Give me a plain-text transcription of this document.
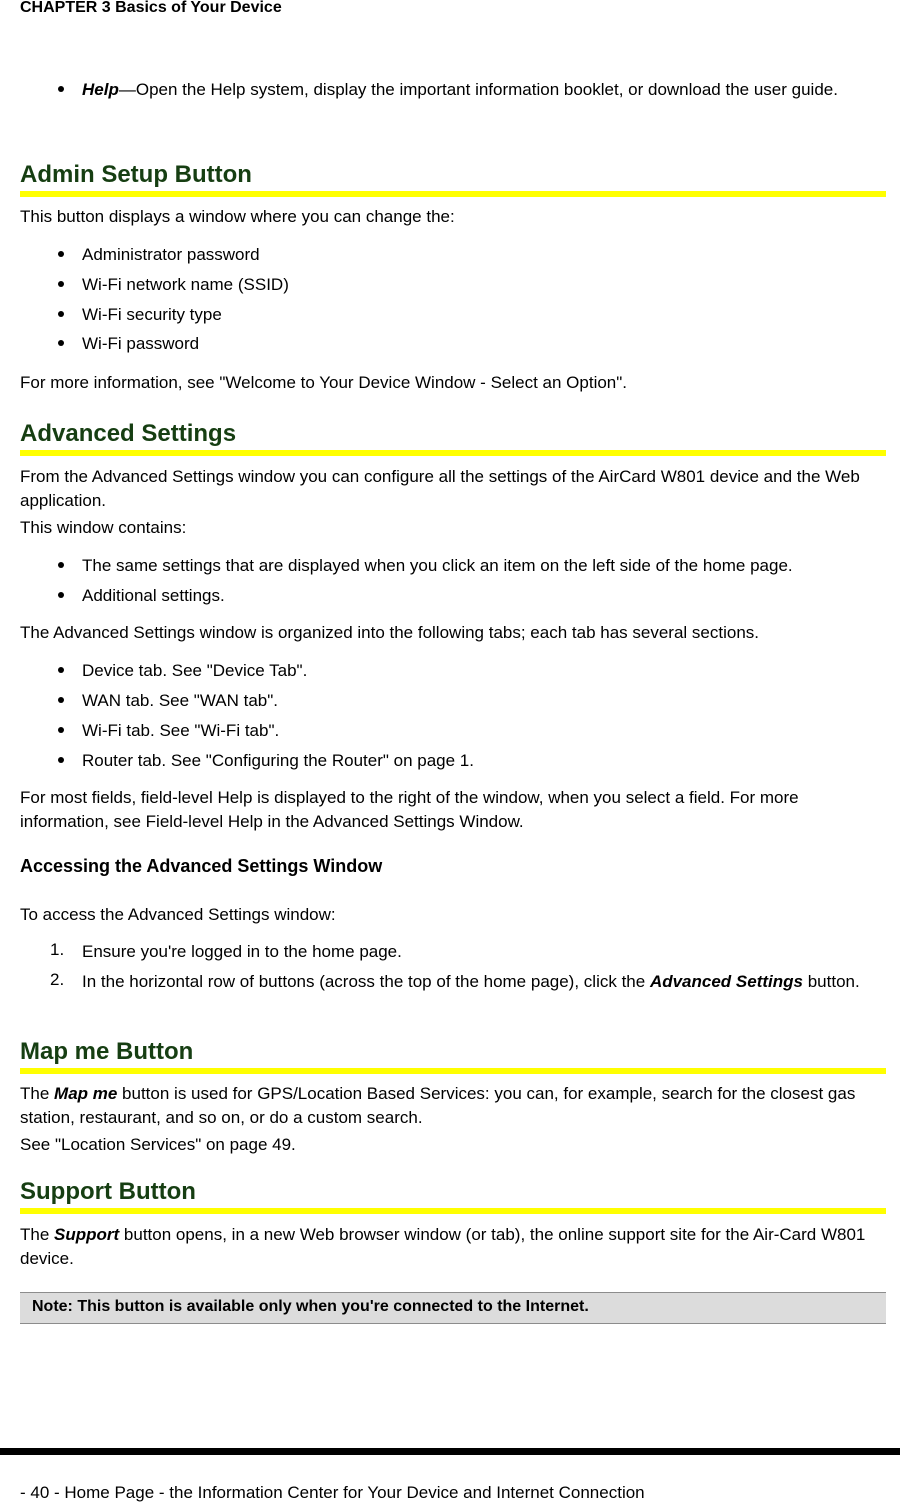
CHAPTER 3 Basics of Your Device

Help—Open the Help system, display the important information booklet, or download the user guide.

Admin Setup Button

This button displays a window where you can change the:

Administrator password

Wi-Fi network name (SSID)

Wi-Fi security type

Wi-Fi password

For more information, see "Welcome to Your Device Window - Select an Option".

Advanced Settings

From the Advanced Settings window you can configure all the settings of the AirCard W801 device and the Web application.

This window contains:

The same settings that are displayed when you click an item on the left side of the home page.

Additional settings.

The Advanced Settings window is organized into the following tabs; each tab has several sections.

Device tab. See "Device Tab".

WAN tab. See "WAN tab".

Wi-Fi tab. See "Wi-Fi tab".

Router tab. See "Configuring the Router" on page 1.

For most fields, field-level Help is displayed to the right of the window, when you select a field. For more information, see Field-level Help in the Advanced Settings Window.

Accessing the Advanced Settings Window

To access the Advanced Settings window:

1. Ensure you're logged in to the home page.

2. In the horizontal row of buttons (across the top of the home page), click the Advanced Settings button.

Map me Button

The Map me button is used for GPS/Location Based Services: you can, for example, search for the closest gas station, restaurant, and so on, or do a custom search.

See "Location Services" on page 49.

Support Button

The Support button opens, in a new Web browser window (or tab), the online support site for the Air-Card W801 device.

Note: This button is available only when you're connected to the Internet.
- 40 - Home Page - the Information Center for Your Device and Internet Connection
